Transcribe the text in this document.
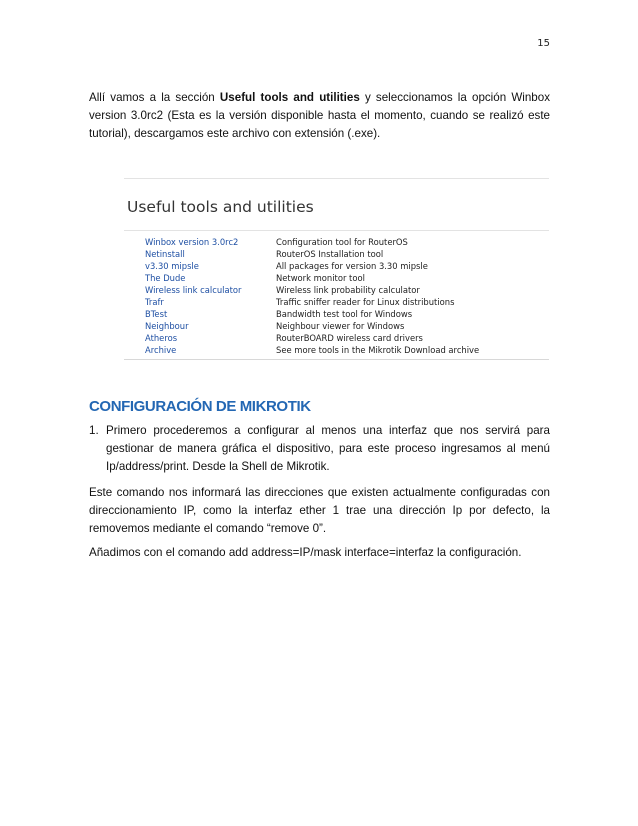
15

Allí vamos a la sección Useful tools and utilities y seleccionamos la opción Winbox version 3.0rc2 (Esta es la versión disponible hasta el momento, cuando se realizó este tutorial), descargamos este archivo con extensión (.exe).

Useful tools and utilities
Winbox version 3.0rc2	Configuration tool for RouterOS
Netinstall	RouterOS Installation tool
v3.30 mipsle	All packages for version 3.30 mipsle
The Dude	Network monitor tool
Wireless link calculator	Wireless link probability calculator
Trafr	Traffic sniffer reader for Linux distributions
BTest	Bandwidth test tool for Windows
Neighbour	Neighbour viewer for Windows
Atheros	RouterBOARD wireless card drivers
Archive	See more tools in the Mikrotik Download archive
CONFIGURACIÓN DE MIKROTIK
1. Primero procederemos a configurar al menos una interfaz que nos servirá para gestionar de manera gráfica el dispositivo, para este proceso ingresamos al menú Ip/address/print. Desde la Shell de Mikrotik.

Este comando nos informará las direcciones que existen actualmente configuradas con direccionamiento IP, como la interfaz ether 1 trae una dirección Ip por defecto, la removemos mediante el comando “remove 0”.

Añadimos con el comando add address=IP/mask interface=interfaz la configuración.
